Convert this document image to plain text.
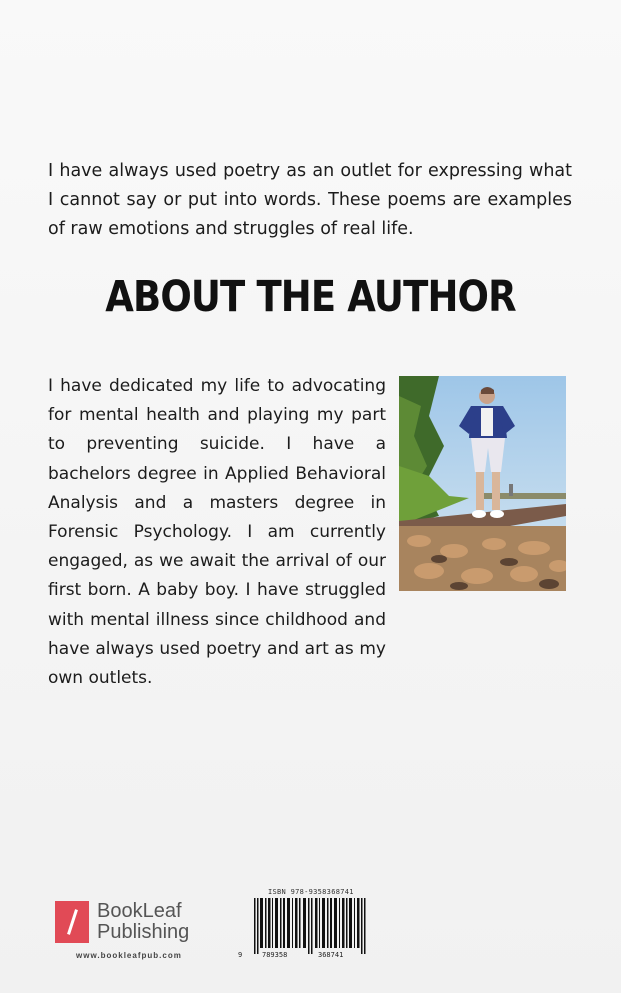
I have always used poetry as an outlet for expressing what I cannot say or put into words. These poems are examples of raw emotions and struggles of real life.

ABOUT THE AUTHOR

I have dedicated my life to advocating for mental health and playing my part to preventing suicide. I have a bachelors degree in Applied Behavioral Analysis and a masters degree in Forensic Psychology. I am currently engaged, as we await the arrival of our first born. A baby boy. I have struggled with mental illness since childhood and have always used poetry and art as my own outlets.

BookLeaf
Publishing
www.bookleafpub.com
ISBN 978-9358368741
9	789358	368741
